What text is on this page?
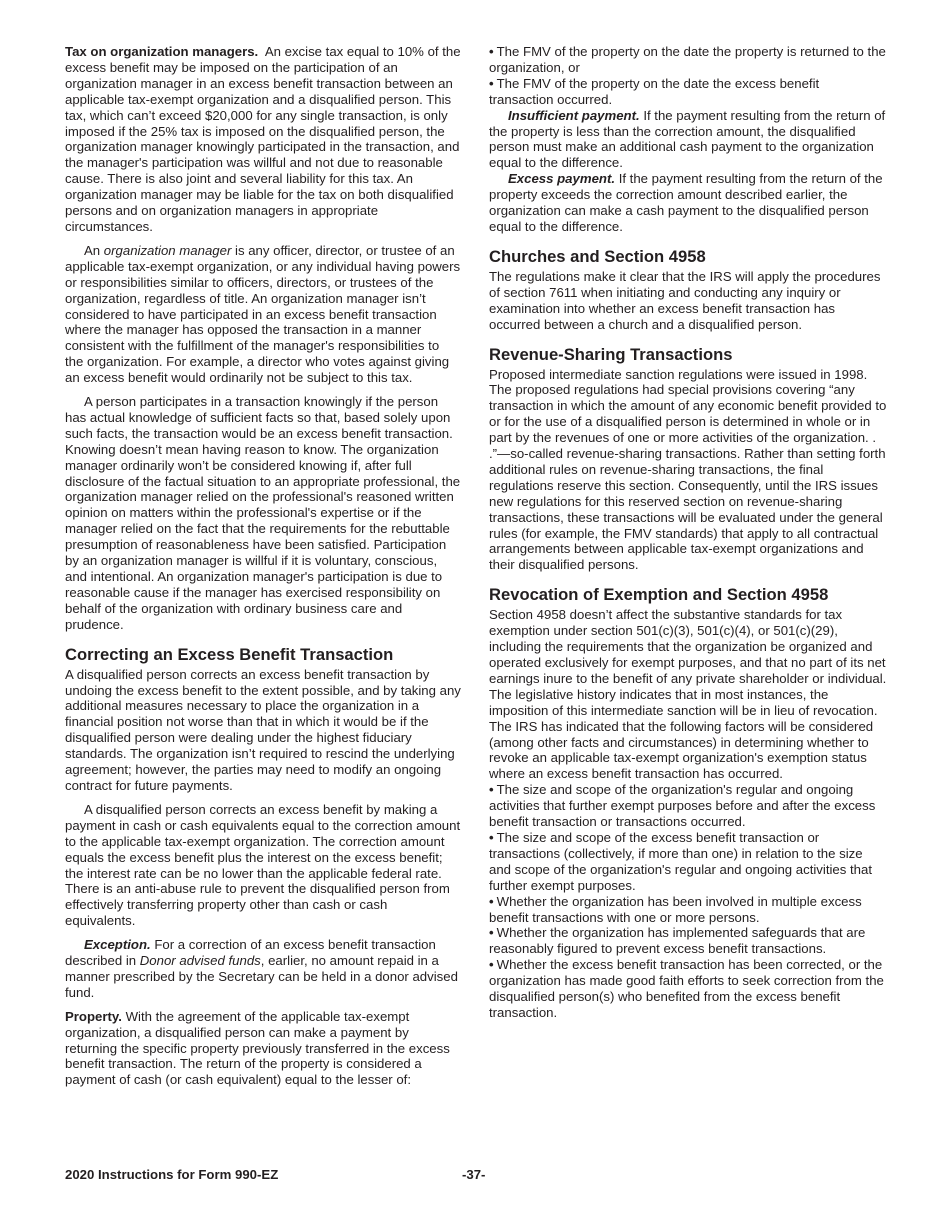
Tax on organization managers. An excise tax equal to 10% of the excess benefit may be imposed on the participation of an organization manager in an excess benefit transaction between an applicable tax-exempt organization and a disqualified person. This tax, which can’t exceed $20,000 for any single transaction, is only imposed if the 25% tax is imposed on the disqualified person, the organization manager knowingly participated in the transaction, and the manager's participation was willful and not due to reasonable cause. There is also joint and several liability for this tax. An organization manager may be liable for the tax on both disqualified persons and on organization managers in appropriate circumstances.

An organization manager is any officer, director, or trustee of an applicable tax-exempt organization, or any individual having powers or responsibilities similar to officers, directors, or trustees of the organization, regardless of title. An organization manager isn’t considered to have participated in an excess benefit transaction where the manager has opposed the transaction in a manner consistent with the fulfillment of the manager's responsibilities to the organization. For example, a director who votes against giving an excess benefit would ordinarily not be subject to this tax.

A person participates in a transaction knowingly if the person has actual knowledge of sufficient facts so that, based solely upon such facts, the transaction would be an excess benefit transaction. Knowing doesn’t mean having reason to know. The organization manager ordinarily won’t be considered knowing if, after full disclosure of the factual situation to an appropriate professional, the organization manager relied on the professional's reasoned written opinion on matters within the professional's expertise or if the manager relied on the fact that the requirements for the rebuttable presumption of reasonableness have been satisfied. Participation by an organization manager is willful if it is voluntary, conscious, and intentional. An organization manager's participation is due to reasonable cause if the manager has exercised responsibility on behalf of the organization with ordinary business care and prudence.

Correcting an Excess Benefit Transaction

A disqualified person corrects an excess benefit transaction by undoing the excess benefit to the extent possible, and by taking any additional measures necessary to place the organization in a financial position not worse than that in which it would be if the disqualified person were dealing under the highest fiduciary standards. The organization isn’t required to rescind the underlying agreement; however, the parties may need to modify an ongoing contract for future payments.

A disqualified person corrects an excess benefit by making a payment in cash or cash equivalents equal to the correction amount to the applicable tax-exempt organization. The correction amount equals the excess benefit plus the interest on the excess benefit; the interest rate can be no lower than the applicable federal rate. There is an anti-abuse rule to prevent the disqualified person from effectively transferring property other than cash or cash equivalents.

Exception. For a correction of an excess benefit transaction described in Donor advised funds, earlier, no amount repaid in a manner prescribed by the Secretary can be held in a donor advised fund.

Property. With the agreement of the applicable tax-exempt organization, a disqualified person can make a payment by returning the specific property previously transferred in the excess benefit transaction. The return of the property is considered a payment of cash (or cash equivalent) equal to the lesser of:

• The FMV of the property on the date the property is returned to the organization, or
• The FMV of the property on the date the excess benefit transaction occurred.

Insufficient payment. If the payment resulting from the return of the property is less than the correction amount, the disqualified person must make an additional cash payment to the organization equal to the difference.

Excess payment. If the payment resulting from the return of the property exceeds the correction amount described earlier, the organization can make a cash payment to the disqualified person equal to the difference.

Churches and Section 4958

The regulations make it clear that the IRS will apply the procedures of section 7611 when initiating and conducting any inquiry or examination into whether an excess benefit transaction has occurred between a church and a disqualified person.

Revenue-Sharing Transactions

Proposed intermediate sanction regulations were issued in 1998. The proposed regulations had special provisions covering “any transaction in which the amount of any economic benefit provided to or for the use of a disqualified person is determined in whole or in part by the revenues of one or more activities of the organization. . .”—so-called revenue-sharing transactions. Rather than setting forth additional rules on revenue-sharing transactions, the final regulations reserve this section. Consequently, until the IRS issues new regulations for this reserved section on revenue-sharing transactions, these transactions will be evaluated under the general rules (for example, the FMV standards) that apply to all contractual arrangements between applicable tax-exempt organizations and their disqualified persons.

Revocation of Exemption and Section 4958

Section 4958 doesn’t affect the substantive standards for tax exemption under section 501(c)(3), 501(c)(4), or 501(c)(29), including the requirements that the organization be organized and operated exclusively for exempt purposes, and that no part of its net earnings inure to the benefit of any private shareholder or individual. The legislative history indicates that in most instances, the imposition of this intermediate sanction will be in lieu of revocation. The IRS has indicated that the following factors will be considered (among other facts and circumstances) in determining whether to revoke an applicable tax-exempt organization's exemption status where an excess benefit transaction has occurred.

• The size and scope of the organization's regular and ongoing activities that further exempt purposes before and after the excess benefit transaction or transactions occurred.
• The size and scope of the excess benefit transaction or transactions (collectively, if more than one) in relation to the size and scope of the organization's regular and ongoing activities that further exempt purposes.
• Whether the organization has been involved in multiple excess benefit transactions with one or more persons.
• Whether the organization has implemented safeguards that are reasonably figured to prevent excess benefit transactions.
• Whether the excess benefit transaction has been corrected, or the organization has made good faith efforts to seek correction from the disqualified person(s) who benefited from the excess benefit transaction.
2020 Instructions for Form 990-EZ	-37-
